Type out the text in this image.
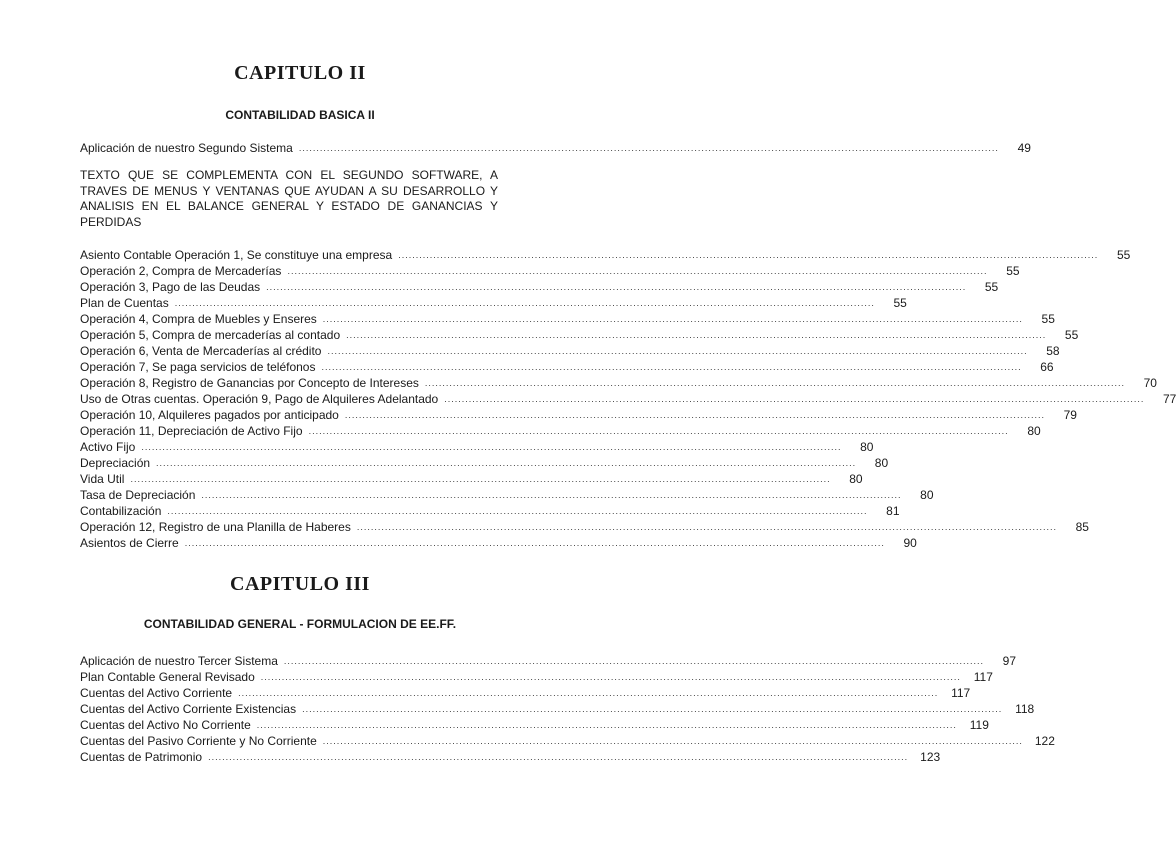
CAPITULO II
CONTABILIDAD BASICA II
Aplicación de nuestro Segundo Sistema ........................................................................................................................................................................................................	49

TEXTO QUE SE COMPLEMENTA CON EL SEGUNDO SOFTWARE, A TRAVES DE MENUS Y VENTANAS QUE AYUDAN A SU DESARROLLO Y ANALISIS EN EL BALANCE GENERAL Y ESTADO DE GANANCIAS Y PERDIDAS

Asiento Contable Operación 1, Se constituye una empresa ........................................................................................................................................................................................................	55
Operación 2, Compra de Mercaderías ........................................................................................................................................................................................................	55
Operación 3, Pago de las Deudas ........................................................................................................................................................................................................	55
Plan de Cuentas ........................................................................................................................................................................................................	55
Operación 4, Compra de Muebles y Enseres ........................................................................................................................................................................................................	55
Operación 5, Compra de mercaderías al contado ........................................................................................................................................................................................................	55
Operación 6, Venta de Mercaderías al crédito ........................................................................................................................................................................................................	58
Operación 7, Se paga servicios de teléfonos ........................................................................................................................................................................................................	66
Operación 8, Registro de Ganancias por Concepto de Intereses ........................................................................................................................................................................................................	70
Uso de Otras cuentas. Operación 9, Pago de Alquileres Adelantado ........................................................................................................................................................................................................	77
Operación 10, Alquileres pagados por anticipado ........................................................................................................................................................................................................	79
Operación 11, Depreciación de Activo Fijo ........................................................................................................................................................................................................	80
Activo Fijo ........................................................................................................................................................................................................	80
Depreciación ........................................................................................................................................................................................................	80
Vida Util ........................................................................................................................................................................................................	80
Tasa de Depreciación ........................................................................................................................................................................................................	80
Contabilización ........................................................................................................................................................................................................	81
Operación 12, Registro de una Planilla de Haberes ........................................................................................................................................................................................................	85
Asientos de Cierre ........................................................................................................................................................................................................	90
CAPITULO III
CONTABILIDAD GENERAL - FORMULACION DE EE.FF.
Aplicación de nuestro Tercer Sistema ........................................................................................................................................................................................................	97
Plan Contable General Revisado ........................................................................................................................................................................................................	117
Cuentas del Activo Corriente ........................................................................................................................................................................................................	117
Cuentas del Activo Corriente Existencias ........................................................................................................................................................................................................	118
Cuentas del Activo No Corriente ........................................................................................................................................................................................................	119
Cuentas del Pasivo Corriente y No Corriente ........................................................................................................................................................................................................ 122
Cuentas de Patrimonio ........................................................................................................................................................................................................ 123
